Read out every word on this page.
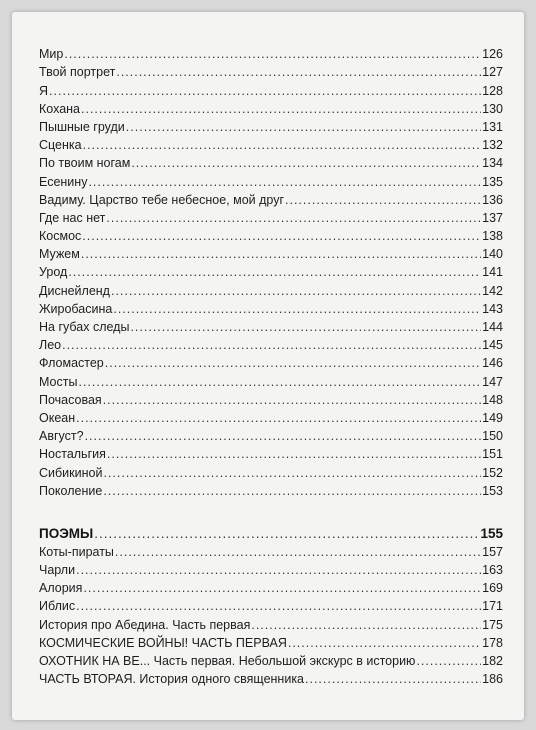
Мир .....	126
Твой портрет .....	127
Я .....	128
Кохана .....	130
Пышные груди .....	131
Сценка .....	132
По твоим ногам .....	134
Есенину .....	135
Вадиму. Царство тебе небесное, мой друг .....	136
Где нас нет .....	137
Космос .....	138
Мужем .....	140
Урод .....	141
Диснейленд .....	142
Жиробасина .....	143
На губах следы .....	144
Лео .....	145
Фломастер .....	146
Мосты .....	147
Почасовая .....	148
Океан .....	149
Август? .....	150
Ностальгия .....	151
Сибикиной .....	152
Поколение .....	153
ПОЭМЫ .....	155
Коты-пираты .....	157
Чарли .....	163
Алория .....	169
Иблис .....	171
История про Абедина. Часть первая .....	175
КОСМИЧЕСКИЕ ВОЙНЫ! ЧАСТЬ ПЕРВАЯ .....	178
ОХОТНИК НА ВЕ... Часть первая. Небольшой экскурс в историю .....	182
ЧАСТЬ ВТОРАЯ. История одного священника .....	186
